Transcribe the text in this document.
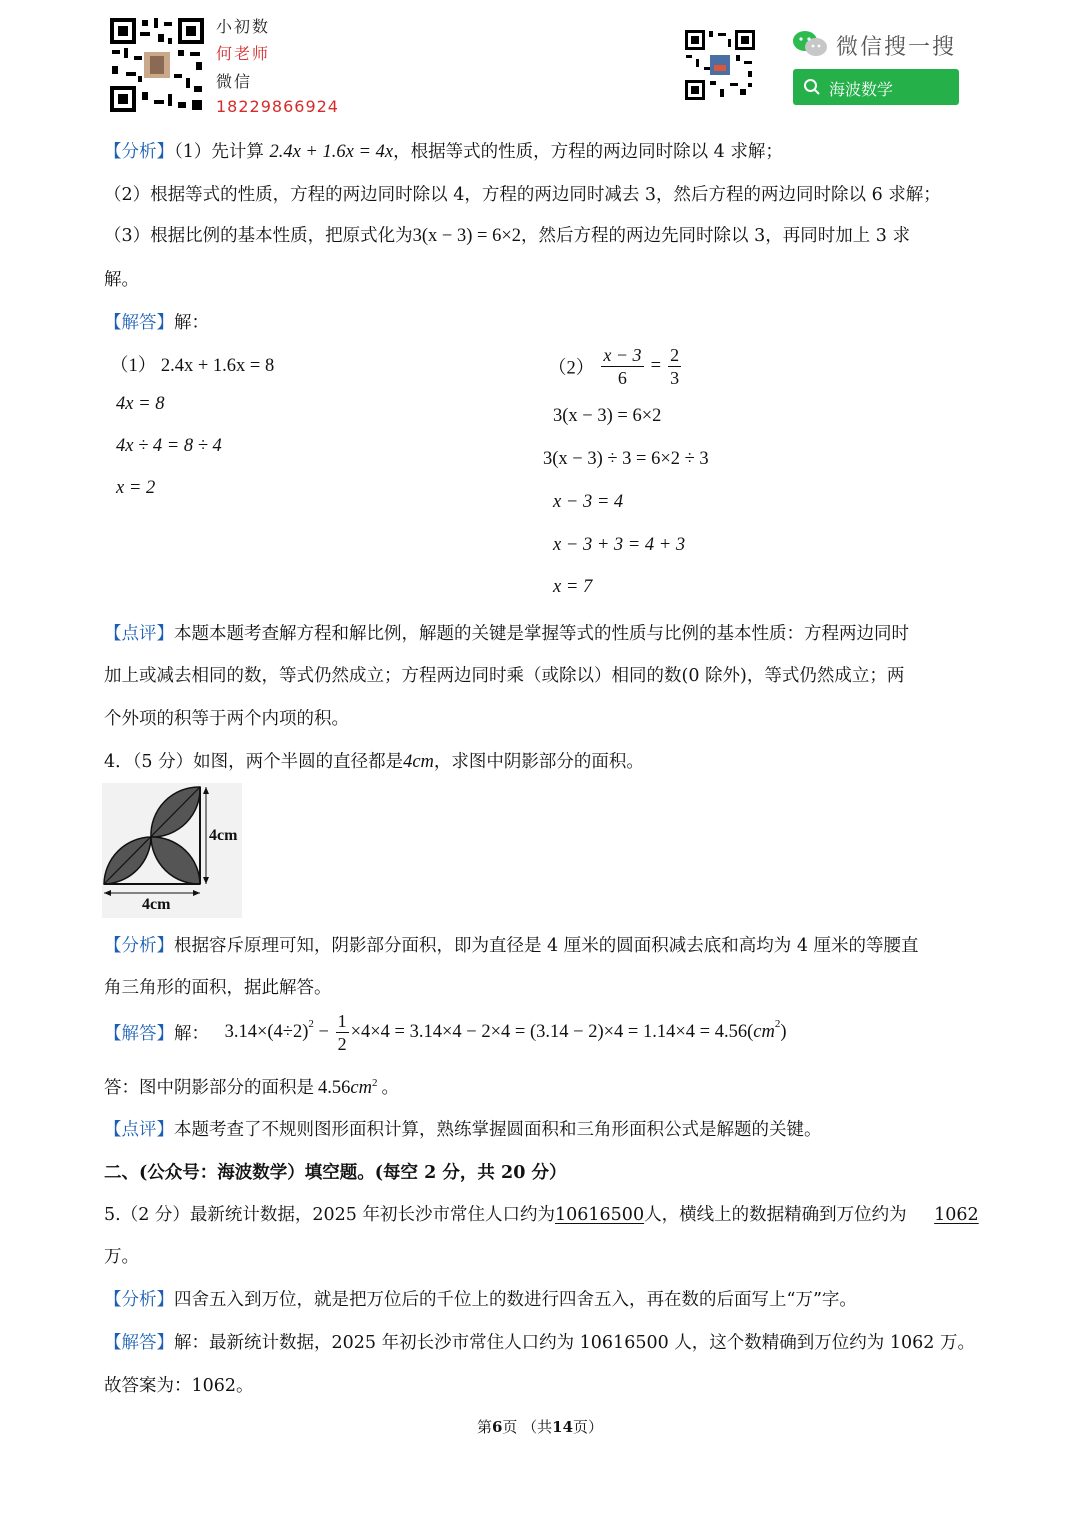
小初数
何老师
微信
18229866924
微信搜一搜
海波数学
【分析】（1）先计算 2.4x + 1.6x = 4x，根据等式的性质，方程的两边同时除以 4 求解；
（2）根据等式的性质，方程的两边同时除以 4，方程的两边同时减去 3，然后方程的两边同时除以 6 求解；
（3）根据比例的基本性质，把原式化为3(x − 3) = 6×2，然后方程的两边先同时除以 3，再同时加上 3 求
解。
【解答】解：
（1） 2.4x + 1.6x = 8
4x = 8
4x ÷ 4 = 8 ÷ 4
x = 2
$(2) \frac{x - 3}{6} = \frac{2}{3}$
3(x − 3) = 6×2
3(x − 3) ÷ 3 = 6×2 ÷ 3
x − 3 = 4
x − 3 + 3 = 4 + 3
x = 7
【点评】本题本题考查解方程和解比例，解题的关键是掌握等式的性质与比例的基本性质：方程两边同时
加上或减去相同的数，等式仍然成立；方程两边同时乘（或除以）相同的数(0 除外)，等式仍然成立；两
个外项的积等于两个内项的积。
4．（5 分）如图，两个半圆的直径都是4cm，求图中阴影部分的面积。
4cm
4cm
【分析】根据容斥原理可知，阴影部分面积，即为直径是 4 厘米的圆面积减去底和高均为 4 厘米的等腰直
角三角形的面积，据此解答。
【解答】解： $3.14\times(4\div 2)^2 - \frac{1}{2} \times 4\times 4 = 3.14\times 4 - 2\times 4 = (3.14 - 2)\times 4 = 1.14\times 4 = 4.56(cm^2)$
答：图中阴影部分的面积是 $4.56cm^2$ 。
【点评】本题考查了不规则图形面积计算，熟练掌握圆面积和三角形面积公式是解题的关键。
二、(公众号：海波数学）填空题。(每空 2 分，共 20 分）
5.（2 分）最新统计数据，2025 年初长沙市常住人口约为10616500人，横线上的数据精确到万位约为 1062
万。
【分析】四舍五入到万位，就是把万位后的千位上的数进行四舍五入，再在数的后面写上“万”字。
【解答】解：最新统计数据，2025 年初长沙市常住人口约为 10616500 人，这个数精确到万位约为 1062 万。
故答案为：1062。
第6页 （共14页）
